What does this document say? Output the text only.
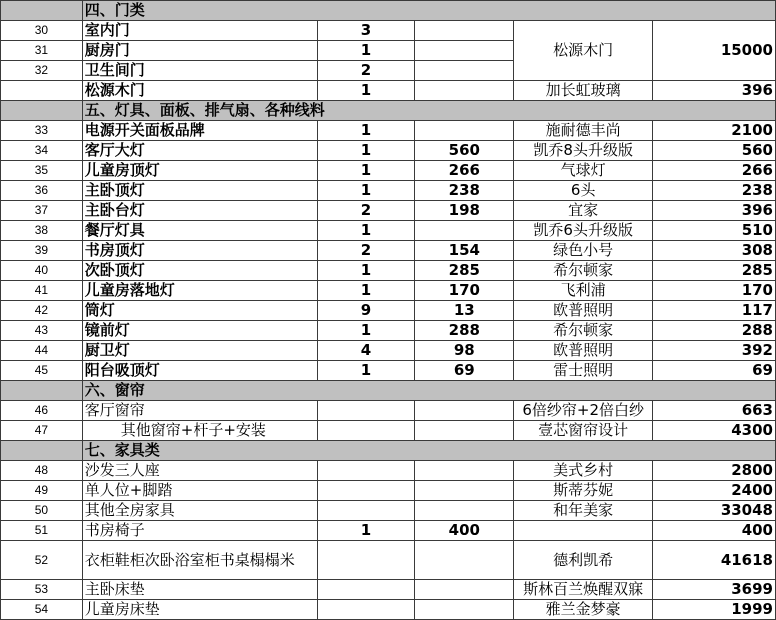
	四、门类				
30	室内门	3		松源木门	15000
31	厨房门	1			
32	卫生间门	2			
	松源木门	1		加长虹玻璃	396
	五、灯具、面板、排气扇、各种线料				
33	电源开关面板品牌	1		施耐德丰尚	2100
34	客厅大灯	1	560	凯乔8头升级版	560
35	儿童房顶灯	1	266	气球灯	266
36	主卧顶灯	1	238	6头	238
37	主卧台灯	2	198	宜家	396
38	餐厅灯具	1		凯乔6头升级版	510
39	书房顶灯	2	154	绿色小号	308
40	次卧顶灯	1	285	希尔顿家	285
41	儿童房落地灯	1	170	飞利浦	170
42	筒灯	9	13	欧普照明	117
43	镜前灯	1	288	希尔顿家	288
44	厨卫灯	4	98	欧普照明	392
45	阳台吸顶灯	1	69	雷士照明	69
	六、窗帘				
46	客厅窗帘			6倍纱帘+2倍白纱	663
47	其他窗帘+杆子+安装			壹芯窗帘设计	4300
	七、家具类				
48	沙发三人座			美式乡村	2800
49	单人位+脚踏			斯蒂芬妮	2400
50	其他全房家具			和年美家	33048
51	书房椅子	1	400		400
52	衣柜鞋柜次卧浴室柜书桌榻榻米			德利凯希	41618
53	主卧床垫			斯林百兰焕醒双寐	3699
54	儿童房床垫			雅兰金梦豪	1999
